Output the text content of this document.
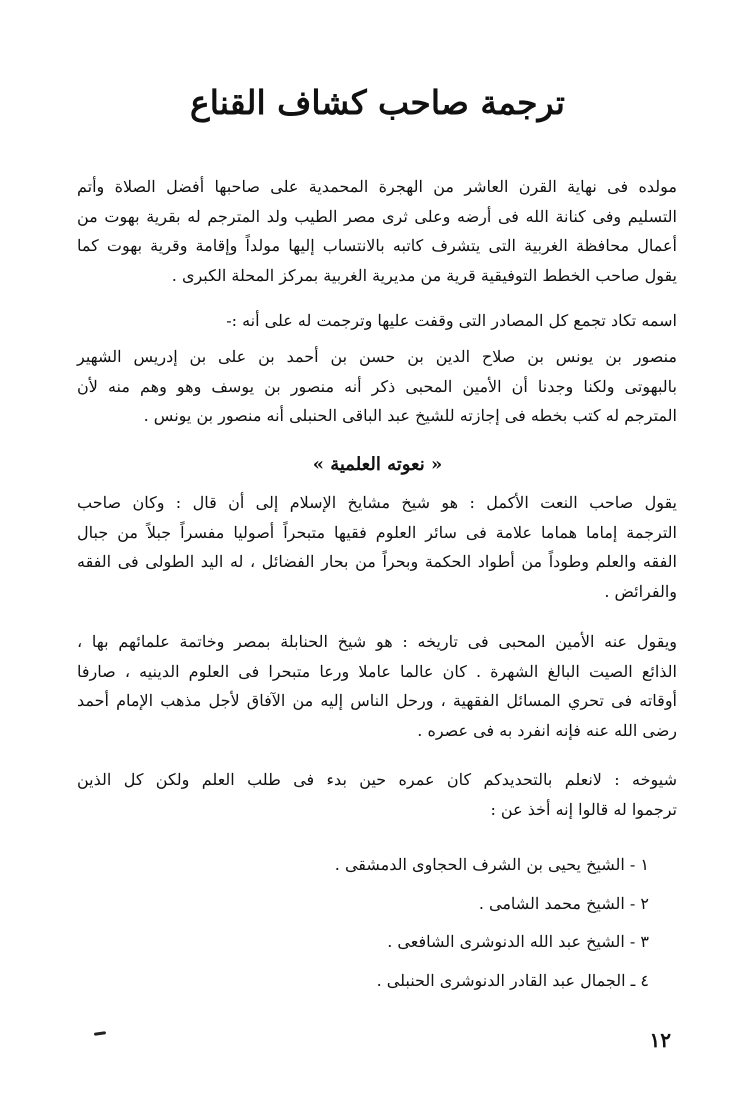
ترجمة صاحب كشاف القناع

مولده فى نهاية القرن العاشر من الهجرة المحمدية على صاحبها أفضل الصلاة وأتم
التسليم وفى كنانة الله فى أرضه وعلى ثرى مصر الطيب ولد المترجم له بقرية بهوت من
أعمال محافظة الغربية التى يتشرف كاتبه بالانتساب إليها مولداً وإقامة وقرية بهوت كما
يقول صاحب الخطط التوفيقية قرية من مديرية الغربية بمركز المحلة الكبرى .

اسمه تكاد تجمع كل المصادر التى وقفت عليها وترجمت له على أنه :-

منصور بن يونس بن صلاح الدين بن حسن بن أحمد بن على بن إدريس الشهير
بالبهوتى ولكنا وجدنا أن الأمين المحبى ذكر أنه منصور بن يوسف وهو وهم منه لأن
المترجم له كتب بخطه فى إجازته للشيخ عبد الباقى الحنبلى أنه منصور بن يونس .

« نعوته العلمية »

يقول صاحب النعت الأكمل : هو شيخ مشايخ الإسلام إلى أن قال : وكان صاحب
الترجمة إماما هماما علامة فى سائر العلوم فقيها متبحراً أصوليا مفسراً جبلاً من جبال
الفقه والعلم وطوداً من أطواد الحكمة وبحراً من بحار الفضائل ، له اليد الطولى فى الفقه
والفرائض .

ويقول عنه الأمين المحبى فى تاريخه : هو شيخ الحنابلة بمصر وخاتمة علمائهم بها ،
الذائع الصيت البالغ الشهرة . كان عالما عاملا ورعا متبحرا فى العلوم الدينيه ، صارفا
أوقاته فى تحري المسائل الفقهية ، ورحل الناس إليه من الآفاق لأجل مذهب الإمام أحمد
رضى الله عنه فإنه انفرد به فى عصره .

شيوخه : لانعلم بالتحديدكم كان عمره حين بدء فى طلب العلم ولكن كل الذين
ترجموا له قالوا إنه أخذ عن :

١ - الشيخ يحيى بن الشرف الحجاوى الدمشقى .
٢ - الشيخ محمد الشامى .
٣ - الشيخ عبد الله الدنوشرى الشافعى .
٤ ـ الجمال عبد القادر الدنوشرى الحنبلى .
١٢
